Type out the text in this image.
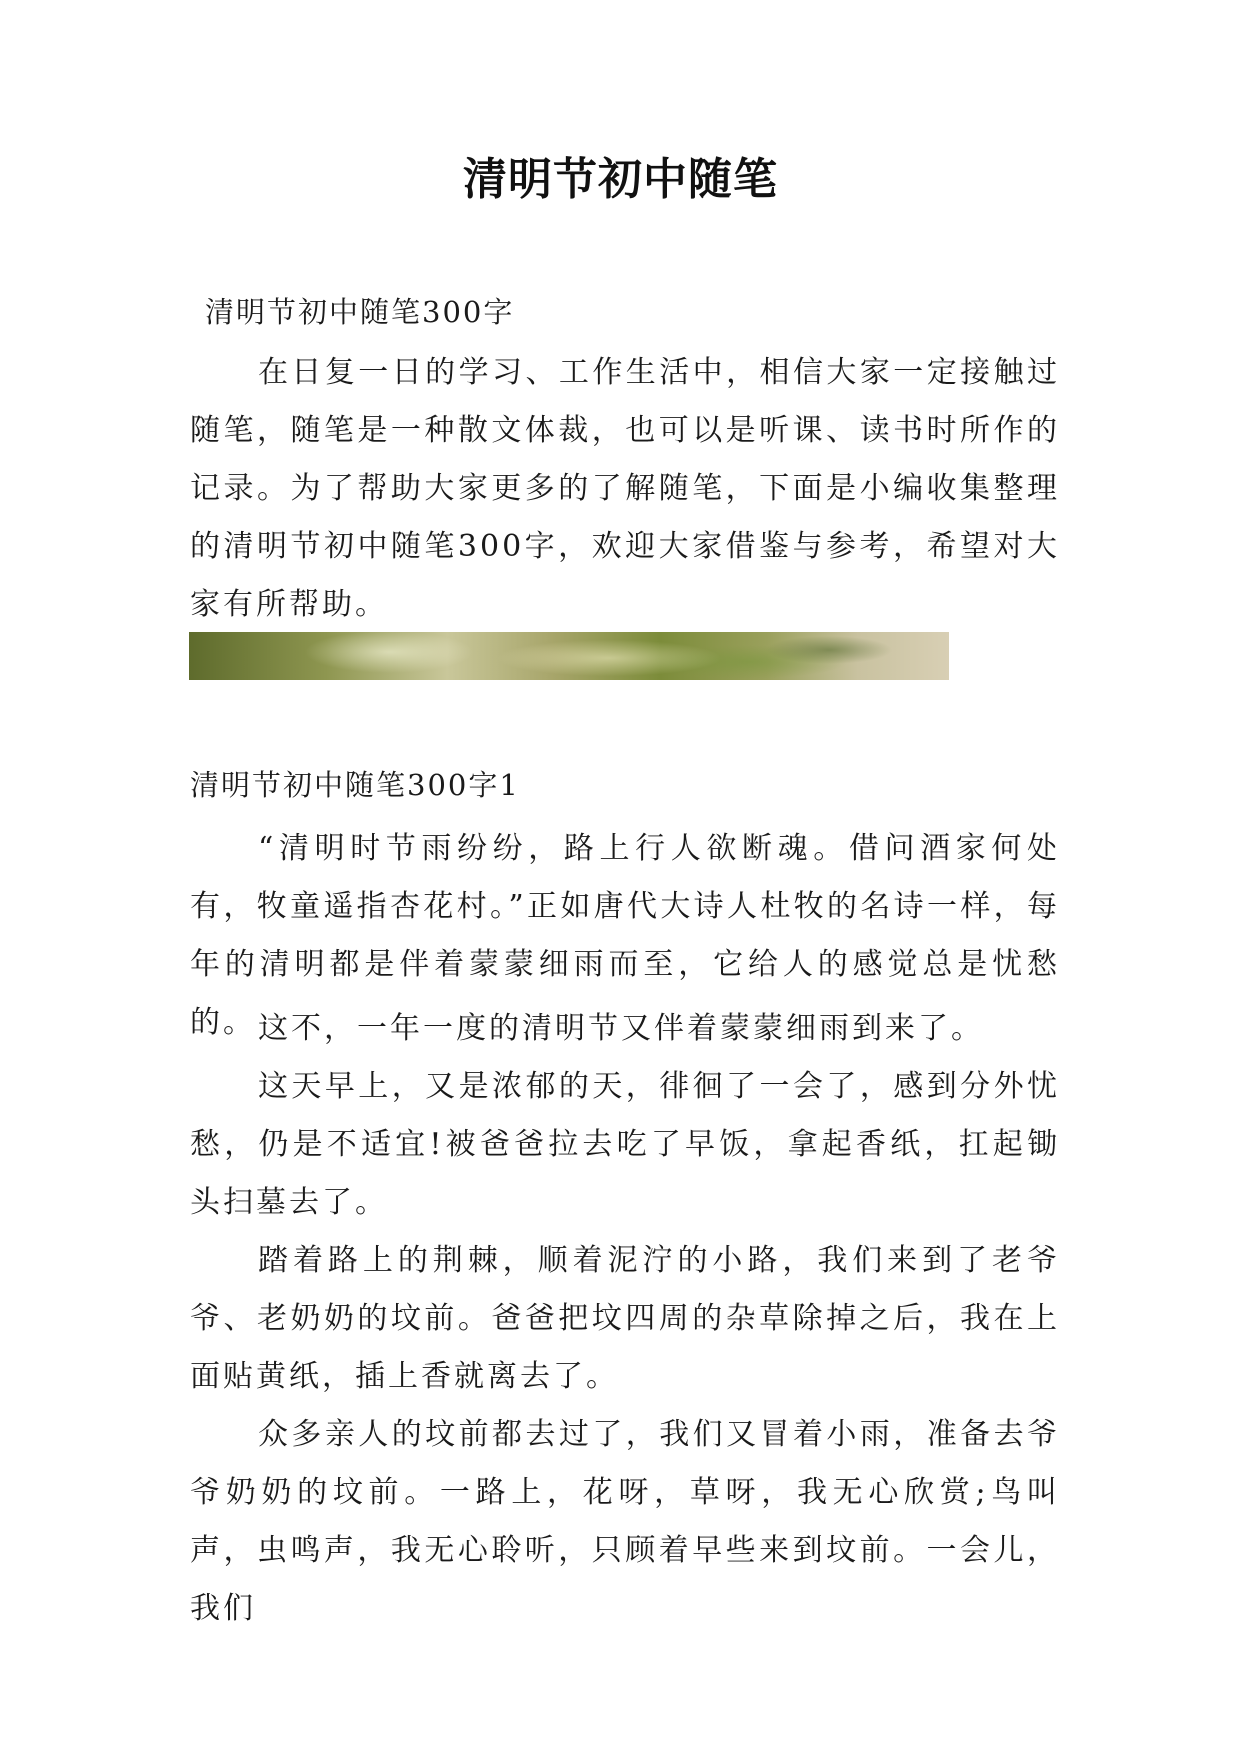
清明节初中随笔
清明节初中随笔300字

在日复一日的学习、工作生活中，相信大家一定接触过随笔，随笔是一种散文体裁，也可以是听课、读书时所作的记录。为了帮助大家更多的了解随笔，下面是小编收集整理的清明节初中随笔300字，欢迎大家借鉴与参考，希望对大家有所帮助。

清明节初中随笔300字1

“清明时节雨纷纷，路上行人欲断魂。借问酒家何处有，牧童遥指杏花村。”正如唐代大诗人杜牧的名诗一样，每年的清明都是伴着蒙蒙细雨而至，它给人的感觉总是忧愁的。 这不，一年一度的清明节又伴着蒙蒙细雨到来了。

这天早上，又是浓郁的天，徘徊了一会了，感到分外忧愁，仍是不适宜!被爸爸拉去吃了早饭，拿起香纸，扛起锄头扫墓去了。

踏着路上的荆棘，顺着泥泞的小路，我们来到了老爷爷、老奶奶的坟前。爸爸把坟四周的杂草除掉之后，我在上面贴黄纸，插上香就离去了。

众多亲人的坟前都去过了，我们又冒着小雨，准备去爷爷奶奶的坟前。一路上，花呀，草呀，我无心欣赏;鸟叫声，虫鸣声，我无心聆听，只顾着早些来到坟前。一会儿，我们
